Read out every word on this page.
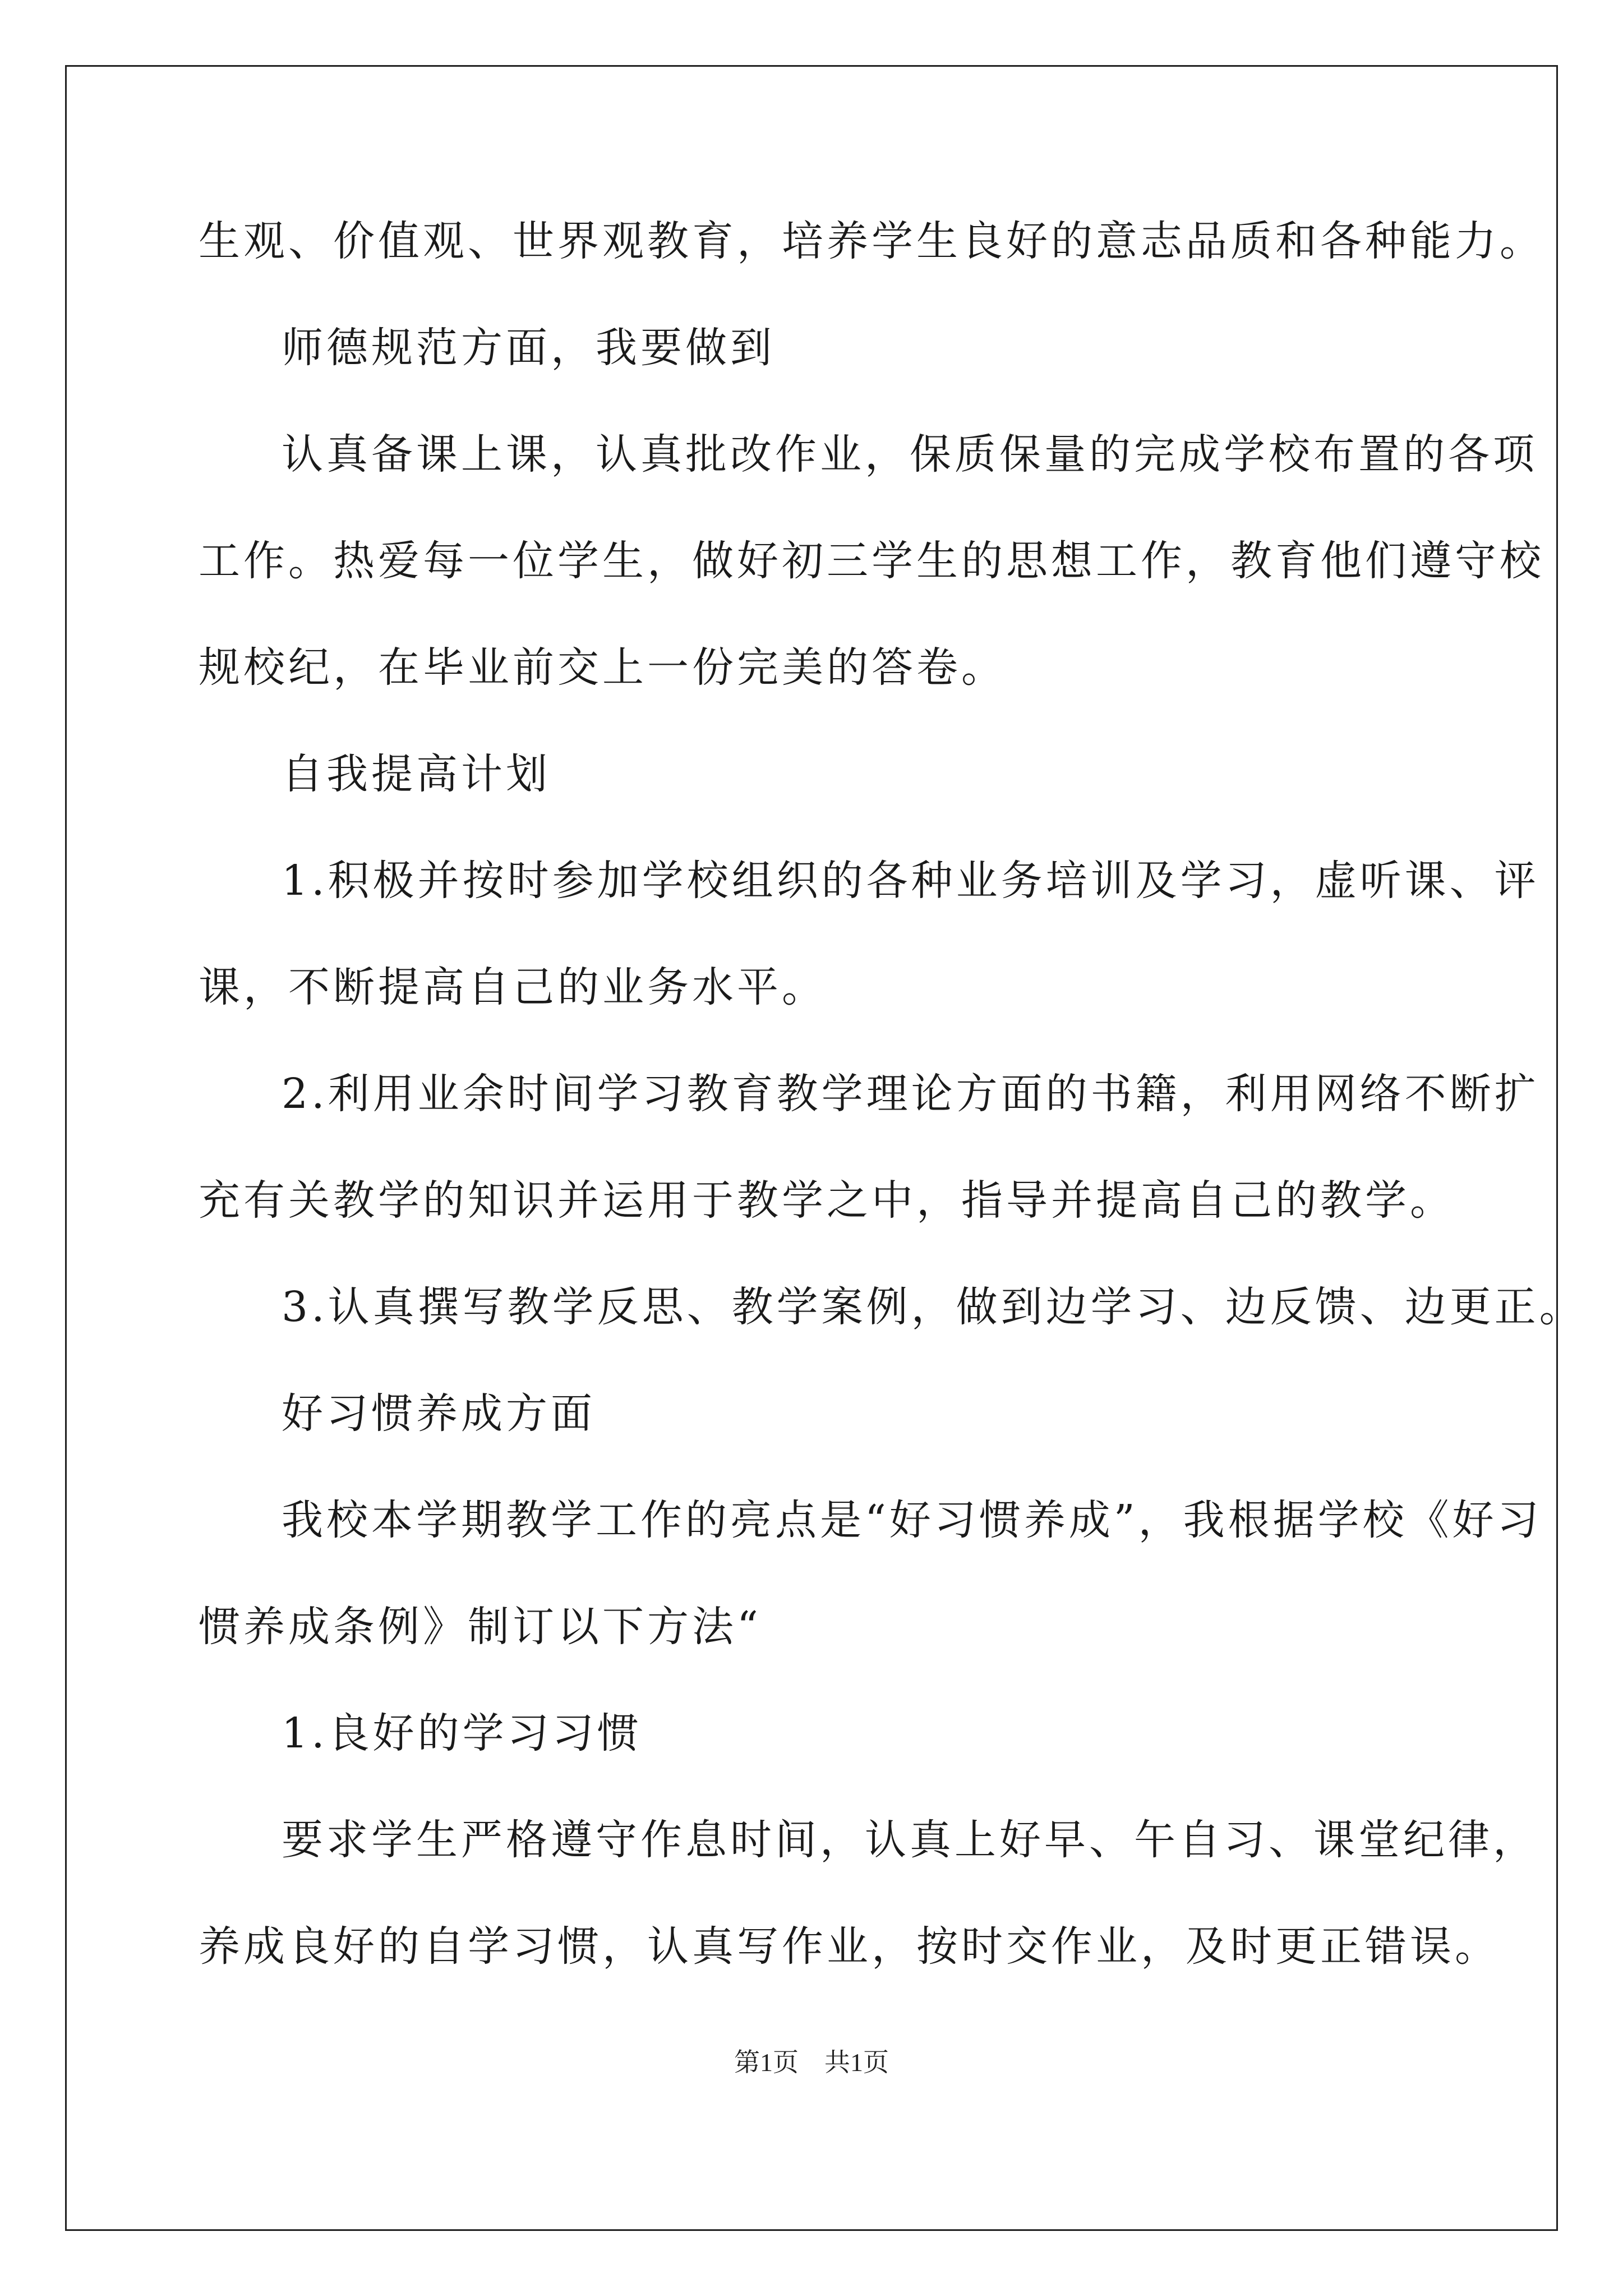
生观、价值观、世界观教育，培养学生良好的意志品质和各种能力。
师德规范方面，我要做到
认真备课上课，认真批改作业，保质保量的完成学校布置的各项
工作。热爱每一位学生，做好初三学生的思想工作，教育他们遵守校
规校纪，在毕业前交上一份完美的答卷。
自我提高计划
1.积极并按时参加学校组织的各种业务培训及学习，虚听课、评
课，不断提高自己的业务水平。
2.利用业余时间学习教育教学理论方面的书籍，利用网络不断扩
充有关教学的知识并运用于教学之中，指导并提高自己的教学。
3.认真撰写教学反思、教学案例，做到边学习、边反馈、边更正。
好习惯养成方面
我校本学期教学工作的亮点是“好习惯养成”，我根据学校《好习
惯养成条例》制订以下方法“
1.良好的学习习惯
要求学生严格遵守作息时间，认真上好早、午自习、课堂纪律，
养成良好的自学习惯，认真写作业，按时交作业，及时更正错误。
第1页　共1页
